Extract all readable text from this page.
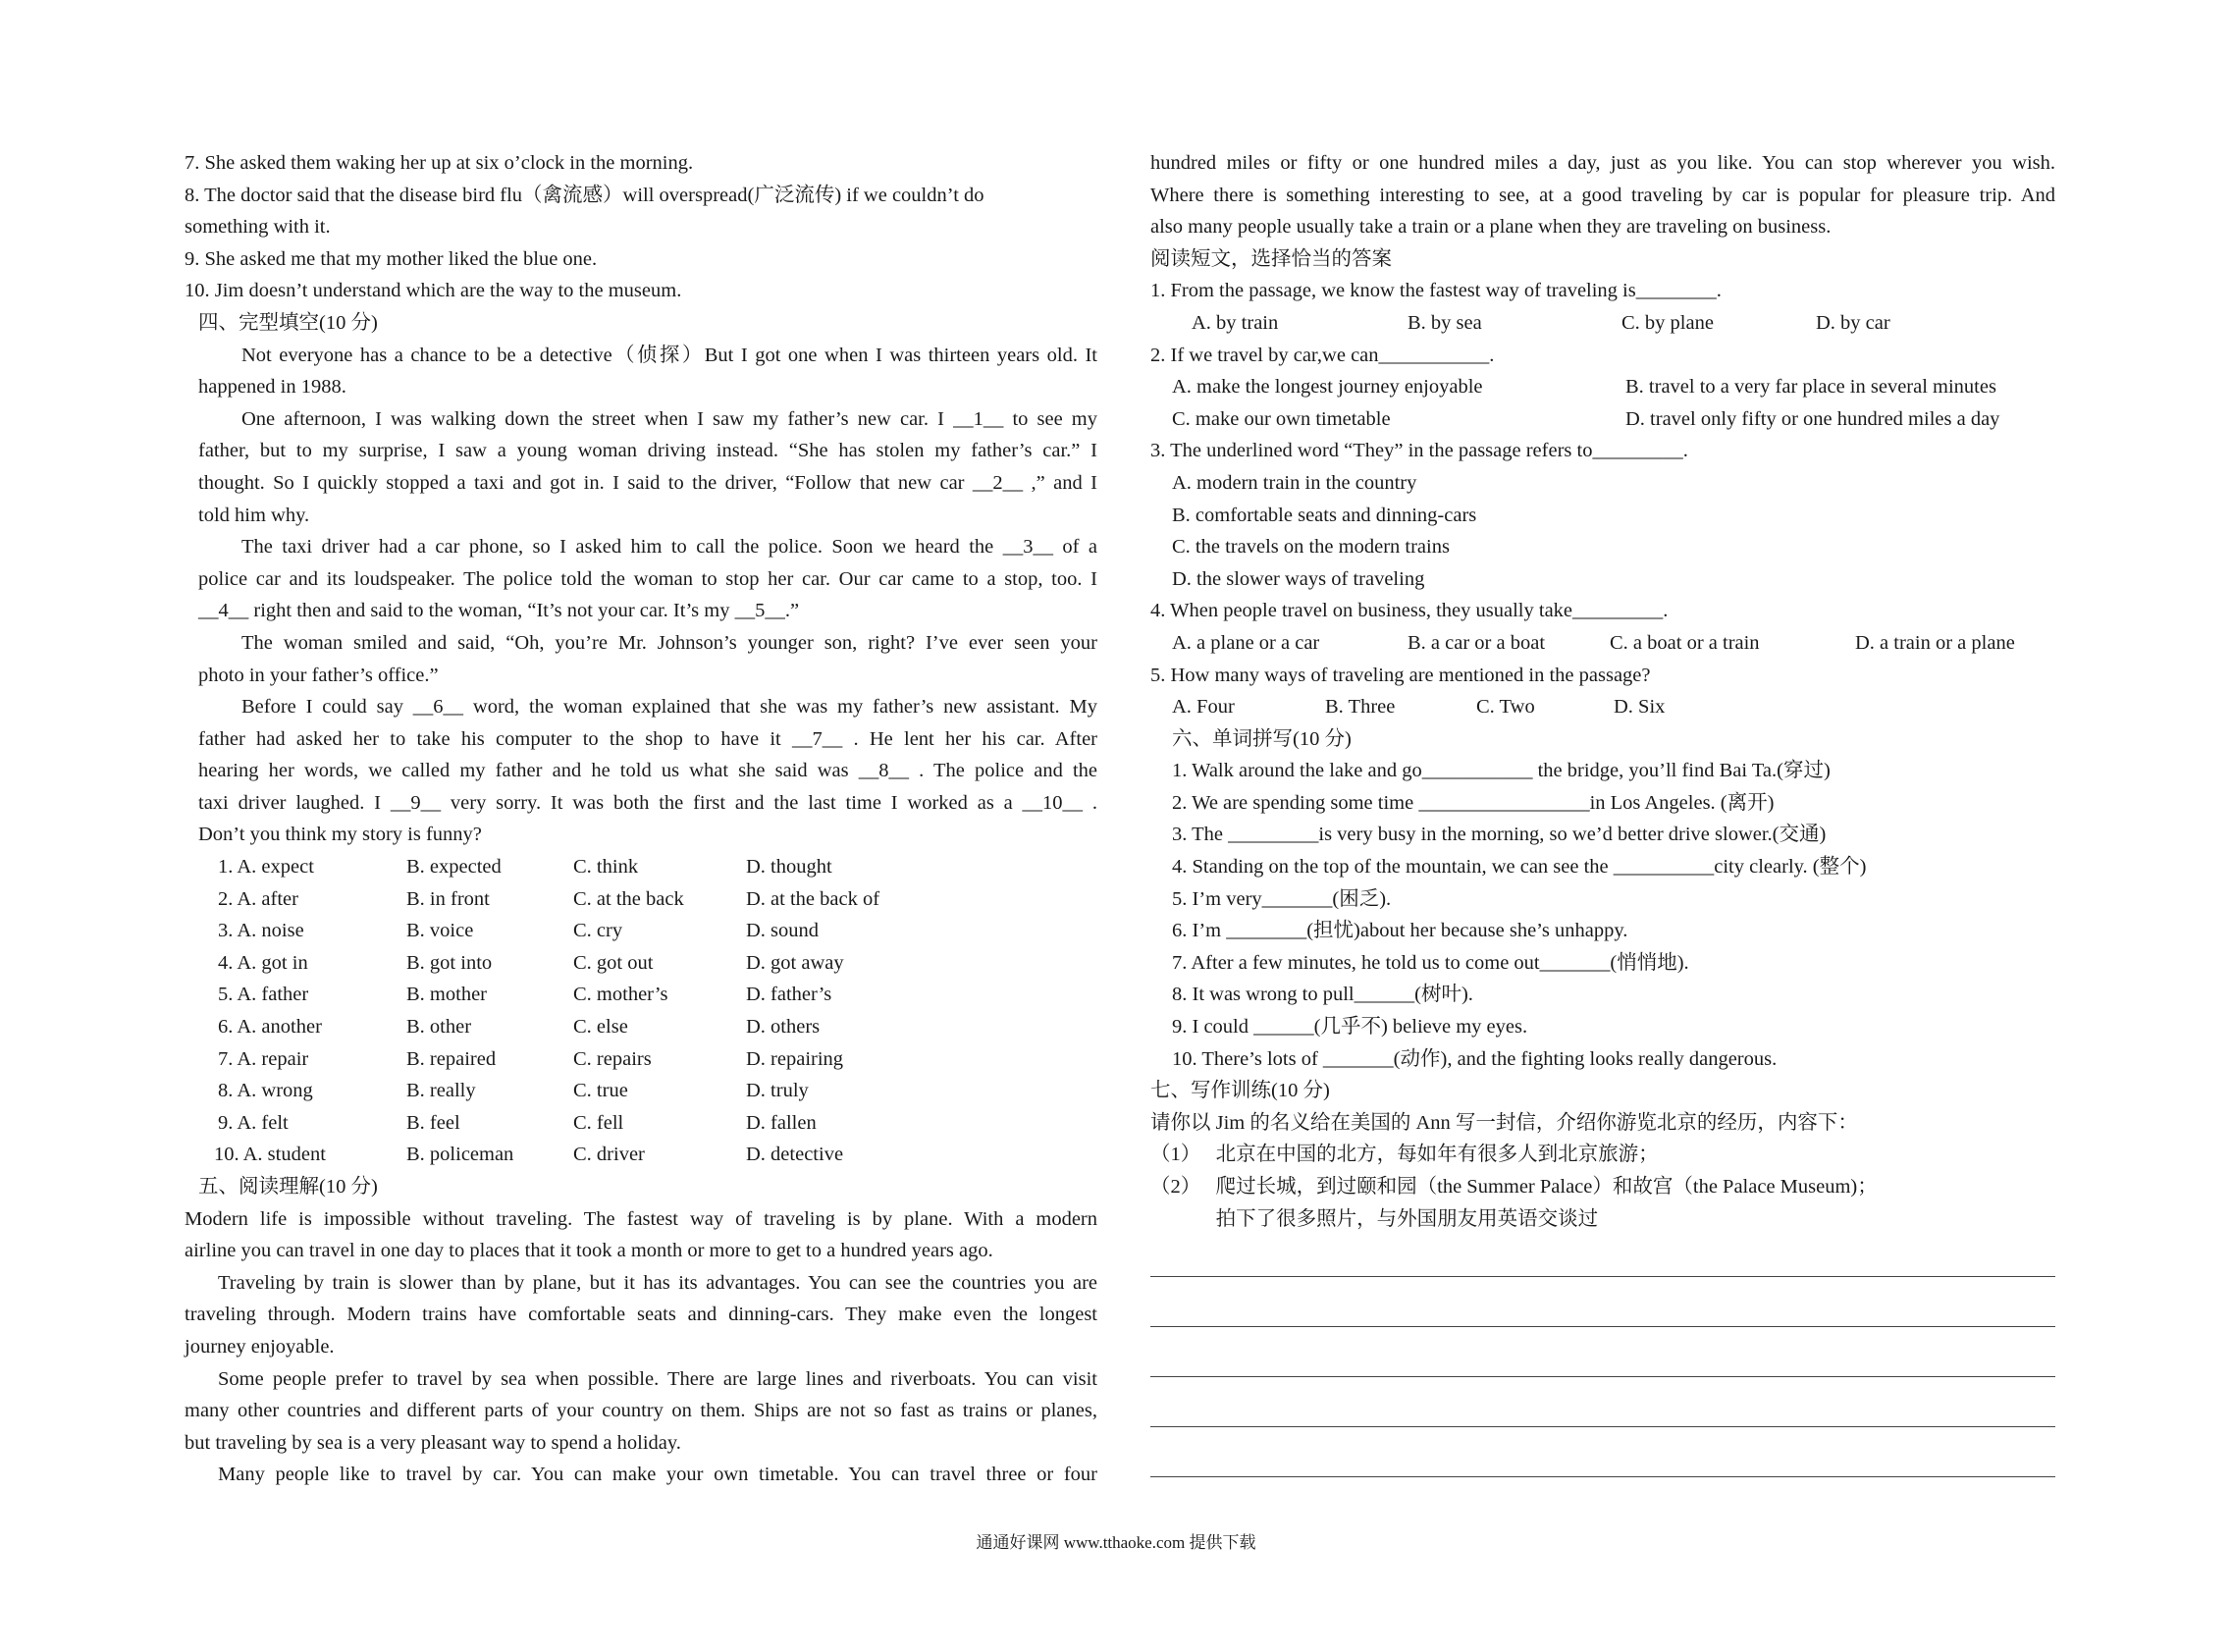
7. She asked them waking her up at six o’clock in the morning.
8. The doctor said that the disease bird flu（禽流感）will overspread(广泛流传) if we couldn’t do
something with it.
9. She asked me that my mother liked the blue one.
10. Jim doesn’t understand which are the way to the museum.
四、完型填空(10 分)
Not everyone has a chance to be a detective（侦探）But I got one when I was thirteen years old. It
happened in 1988.
One afternoon, I was walking down the street when I saw my father’s new car. I __1__ to see my
father, but to my surprise, I saw a young woman driving instead. “She has stolen my father’s car.” I
thought. So I quickly stopped a taxi and got in. I said to the driver, “Follow that new car __2__ ,” and I
told him why.
The taxi driver had a car phone, so I asked him to call the police. Soon we heard the __3__ of a
police car and its loudspeaker. The police told the woman to stop her car. Our car came to a stop, too. I
__4__ right then and said to the woman, “It’s not your car. It’s my __5__.”
The woman smiled and said, “Oh, you’re Mr. Johnson’s younger son, right? I’ve ever seen your
photo in your father’s office.”
Before I could say __6__ word, the woman explained that she was my father’s new assistant. My
father had asked her to take his computer to the shop to have it __7__ . He lent her his car. After
hearing her words, we called my father and he told us what she said was __8__ . The police and the
taxi driver laughed. I __9__ very sorry. It was both the first and the last time I worked as a __10__ .
Don’t you think my story is funny?
1. A. expect	B. expected	C. think	D. thought
2. A. after	B. in front	C. at the back	D. at the back of
3. A. noise	B. voice	C. cry	D. sound
4. A. got in	B. got into	C. got out	D. got away
5. A. father	B. mother	C. mother’s	D. father’s
6. A. another	B. other	C. else	D. others
7. A. repair	B. repaired	C. repairs	D. repairing
8. A. wrong	B. really	C. true	D. truly
9. A. felt	B. feel	C. fell	D. fallen
10. A. student	B. policeman	C. driver	D. detective
五、阅读理解(10 分)
Modern life is impossible without traveling. The fastest way of traveling is by plane. With a modern
airline you can travel in one day to places that it took a month or more to get to a hundred years ago.
Traveling by train is slower than by plane, but it has its advantages. You can see the countries you are
traveling through. Modern trains have comfortable seats and dinning-cars. They make even the longest
journey enjoyable.
Some people prefer to travel by sea when possible. There are large lines and riverboats. You can visit
many other countries and different parts of your country on them. Ships are not so fast as trains or planes,
but traveling by sea is a very pleasant way to spend a holiday.
Many people like to travel by car. You can make your own timetable. You can travel three or four
hundred miles or fifty or one hundred miles a day, just as you like. You can stop wherever you wish.
Where there is something interesting to see, at a good traveling by car is popular for pleasure trip. And
also many people usually take a train or a plane when they are traveling on business.
阅读短文，选择恰当的答案
1. From the passage, we know the fastest way of traveling is________.
A. by train	B. by sea	C. by plane	D. by car
2. If we travel by car,we can___________.
A. make the longest journey enjoyable	B. travel to a very far place in several minutes
C. make our own timetable	D. travel only fifty or one hundred miles a day
3. The underlined word “They” in the passage refers to_________.
A. modern train in the country
B. comfortable seats and dinning-cars
C. the travels on the modern trains
D. the slower ways of traveling
4. When people travel on business, they usually take_________.
A. a plane or a car	B. a car or a boat	C. a boat or a train	D. a train or a plane
5. How many ways of traveling are mentioned in the passage?
A. Four	B. Three	C. Two	D. Six
六、单词拼写(10 分)
1. Walk around the lake and go___________ the bridge, you’ll find Bai Ta.(穿过)
2. We are spending some time _________________in Los Angeles. (离开)
3. The _________is very busy in the morning, so we’d better drive slower.(交通)
4. Standing on the top of the mountain, we can see the __________city clearly. (整个)
5. I’m very_______(困乏).
6. I’m ________(担忧)about her because she’s unhappy.
7. After a few minutes, he told us to come out_______(悄悄地).
8. It was wrong to pull______(树叶).
9. I could ______(几乎不) believe my eyes.
10. There’s lots of _______(动作), and the fighting looks really dangerous.
七、写作训练(10 分)
请你以 Jim 的名义给在美国的 Ann 写一封信，介绍你游览北京的经历，内容下：
（1）   北京在中国的北方，每如年有很多人到北京旅游；
（2）   爬过长城，到过颐和园（the Summer Palace）和故宫（the Palace Museum)；
拍下了很多照片，与外国朋友用英语交谈过
通通好课网 www.tthaoke.com 提供下载
